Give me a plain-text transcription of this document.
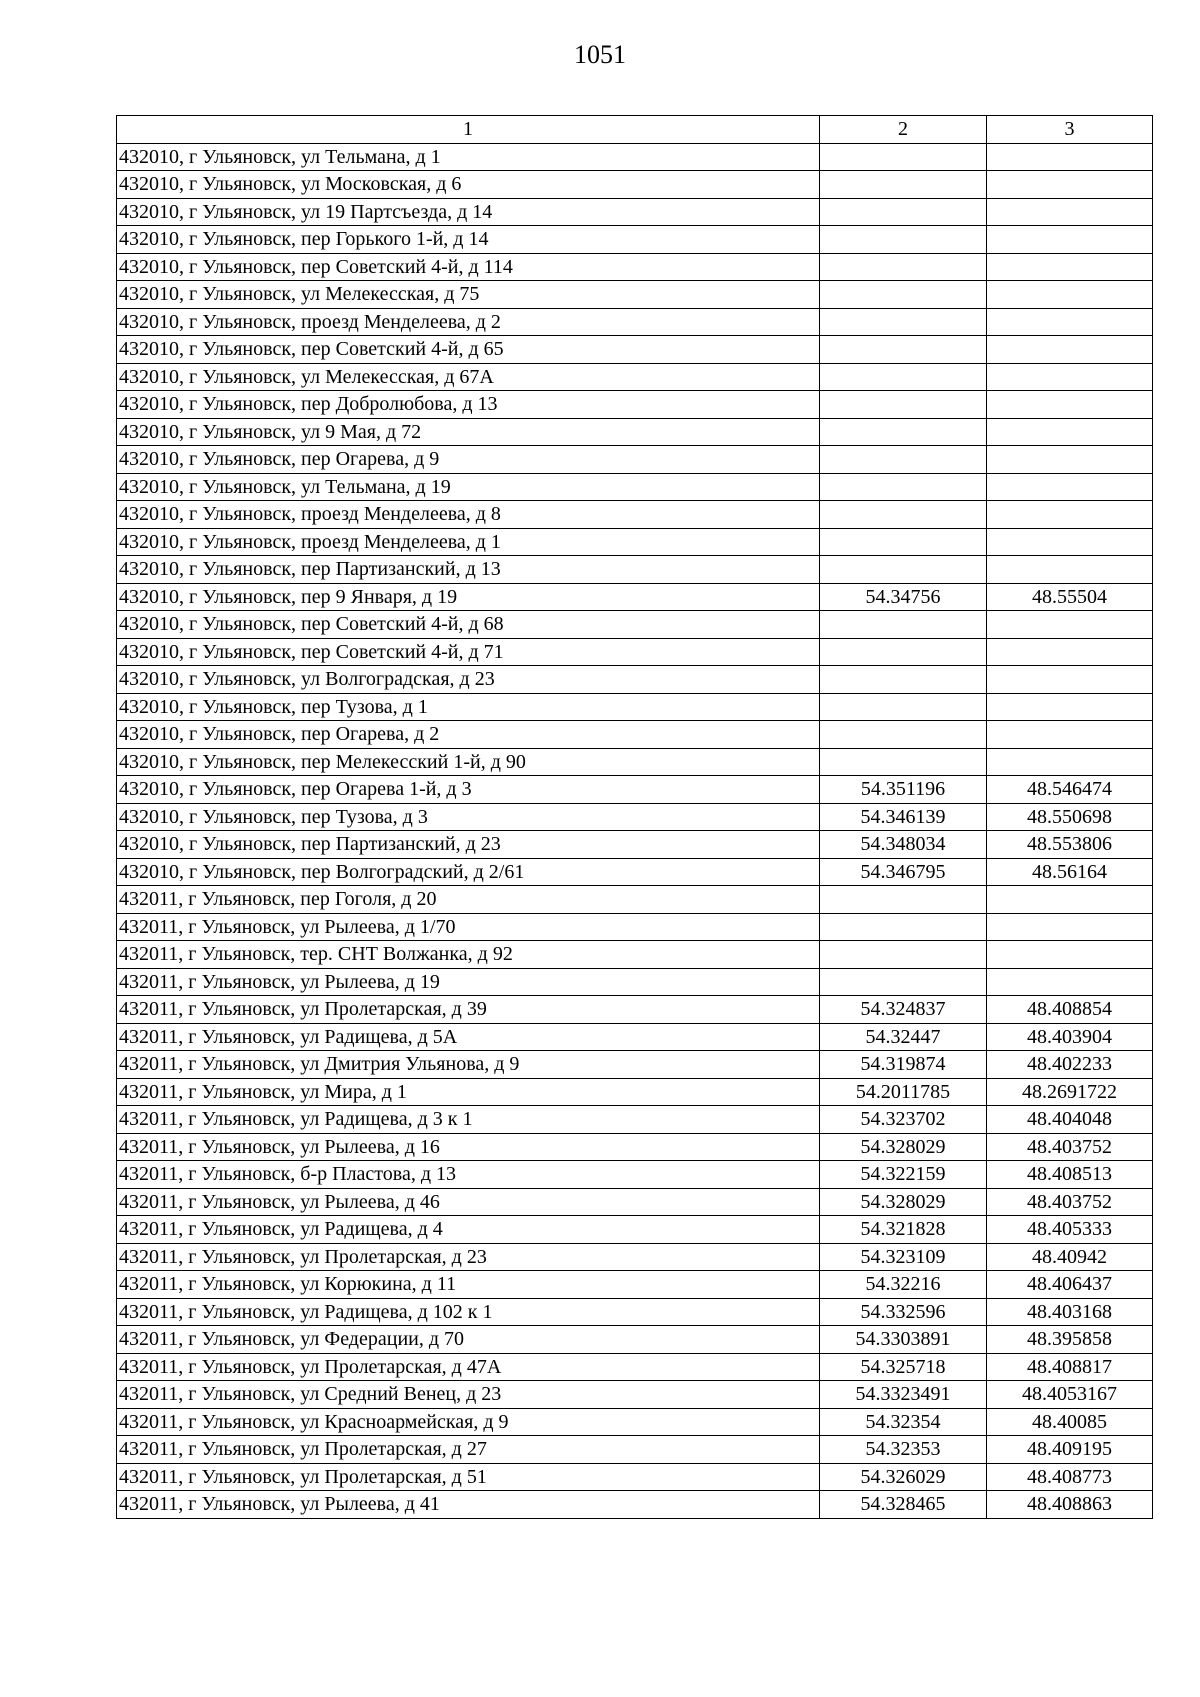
1051
1	2	3
432010, г Ульяновск, ул Тельмана, д 1		
432010, г Ульяновск, ул Московская, д 6		
432010, г Ульяновск, ул 19 Партсъезда, д 14		
432010, г Ульяновск, пер Горького 1-й, д 14		
432010, г Ульяновск, пер Советский 4-й, д 114		
432010, г Ульяновск, ул Мелекесская, д 75		
432010, г Ульяновск, проезд Менделеева, д 2		
432010, г Ульяновск, пер Советский 4-й, д 65		
432010, г Ульяновск, ул Мелекесская, д 67А		
432010, г Ульяновск, пер Добролюбова, д 13		
432010, г Ульяновск, ул 9 Мая, д 72		
432010, г Ульяновск, пер Огарева, д 9		
432010, г Ульяновск, ул Тельмана, д 19		
432010, г Ульяновск, проезд Менделеева, д 8		
432010, г Ульяновск, проезд Менделеева, д 1		
432010, г Ульяновск, пер Партизанский, д 13		
432010, г Ульяновск, пер 9 Января, д 19	54.34756	48.55504
432010, г Ульяновск, пер Советский 4-й, д 68		
432010, г Ульяновск, пер Советский 4-й, д 71		
432010, г Ульяновск, ул Волгоградская, д 23		
432010, г Ульяновск, пер Тузова, д 1		
432010, г Ульяновск, пер Огарева, д 2		
432010, г Ульяновск, пер Мелекесский 1-й, д 90		
432010, г Ульяновск, пер Огарева 1-й, д 3	54.351196	48.546474
432010, г Ульяновск, пер Тузова, д 3	54.346139	48.550698
432010, г Ульяновск, пер Партизанский, д 23	54.348034	48.553806
432010, г Ульяновск, пер Волгоградский, д 2/61	54.346795	48.56164
432011, г Ульяновск, пер Гоголя, д 20		
432011, г Ульяновск, ул Рылеева, д 1/70		
432011, г Ульяновск, тер. СНТ Волжанка, д 92		
432011, г Ульяновск, ул Рылеева, д 19		
432011, г Ульяновск, ул Пролетарская, д 39	54.324837	48.408854
432011, г Ульяновск, ул Радищева, д 5А	54.32447	48.403904
432011, г Ульяновск, ул Дмитрия Ульянова, д 9	54.319874	48.402233
432011, г Ульяновск, ул Мира, д 1	54.2011785	48.2691722
432011, г Ульяновск, ул Радищева, д 3 к 1	54.323702	48.404048
432011, г Ульяновск, ул Рылеева, д 16	54.328029	48.403752
432011, г Ульяновск, б-р Пластова, д 13	54.322159	48.408513
432011, г Ульяновск, ул Рылеева, д 46	54.328029	48.403752
432011, г Ульяновск, ул Радищева, д 4	54.321828	48.405333
432011, г Ульяновск, ул Пролетарская, д 23	54.323109	48.40942
432011, г Ульяновск, ул Корюкина, д 11	54.32216	48.406437
432011, г Ульяновск, ул Радищева, д 102 к 1	54.332596	48.403168
432011, г Ульяновск, ул Федерации, д 70	54.3303891	48.395858
432011, г Ульяновск, ул Пролетарская, д 47А	54.325718	48.408817
432011, г Ульяновск, ул Средний Венец, д 23	54.3323491	48.4053167
432011, г Ульяновск, ул Красноармейская, д 9	54.32354	48.40085
432011, г Ульяновск, ул Пролетарская, д 27	54.32353	48.409195
432011, г Ульяновск, ул Пролетарская, д 51	54.326029	48.408773
432011, г Ульяновск, ул Рылеева, д 41	54.328465	48.408863
